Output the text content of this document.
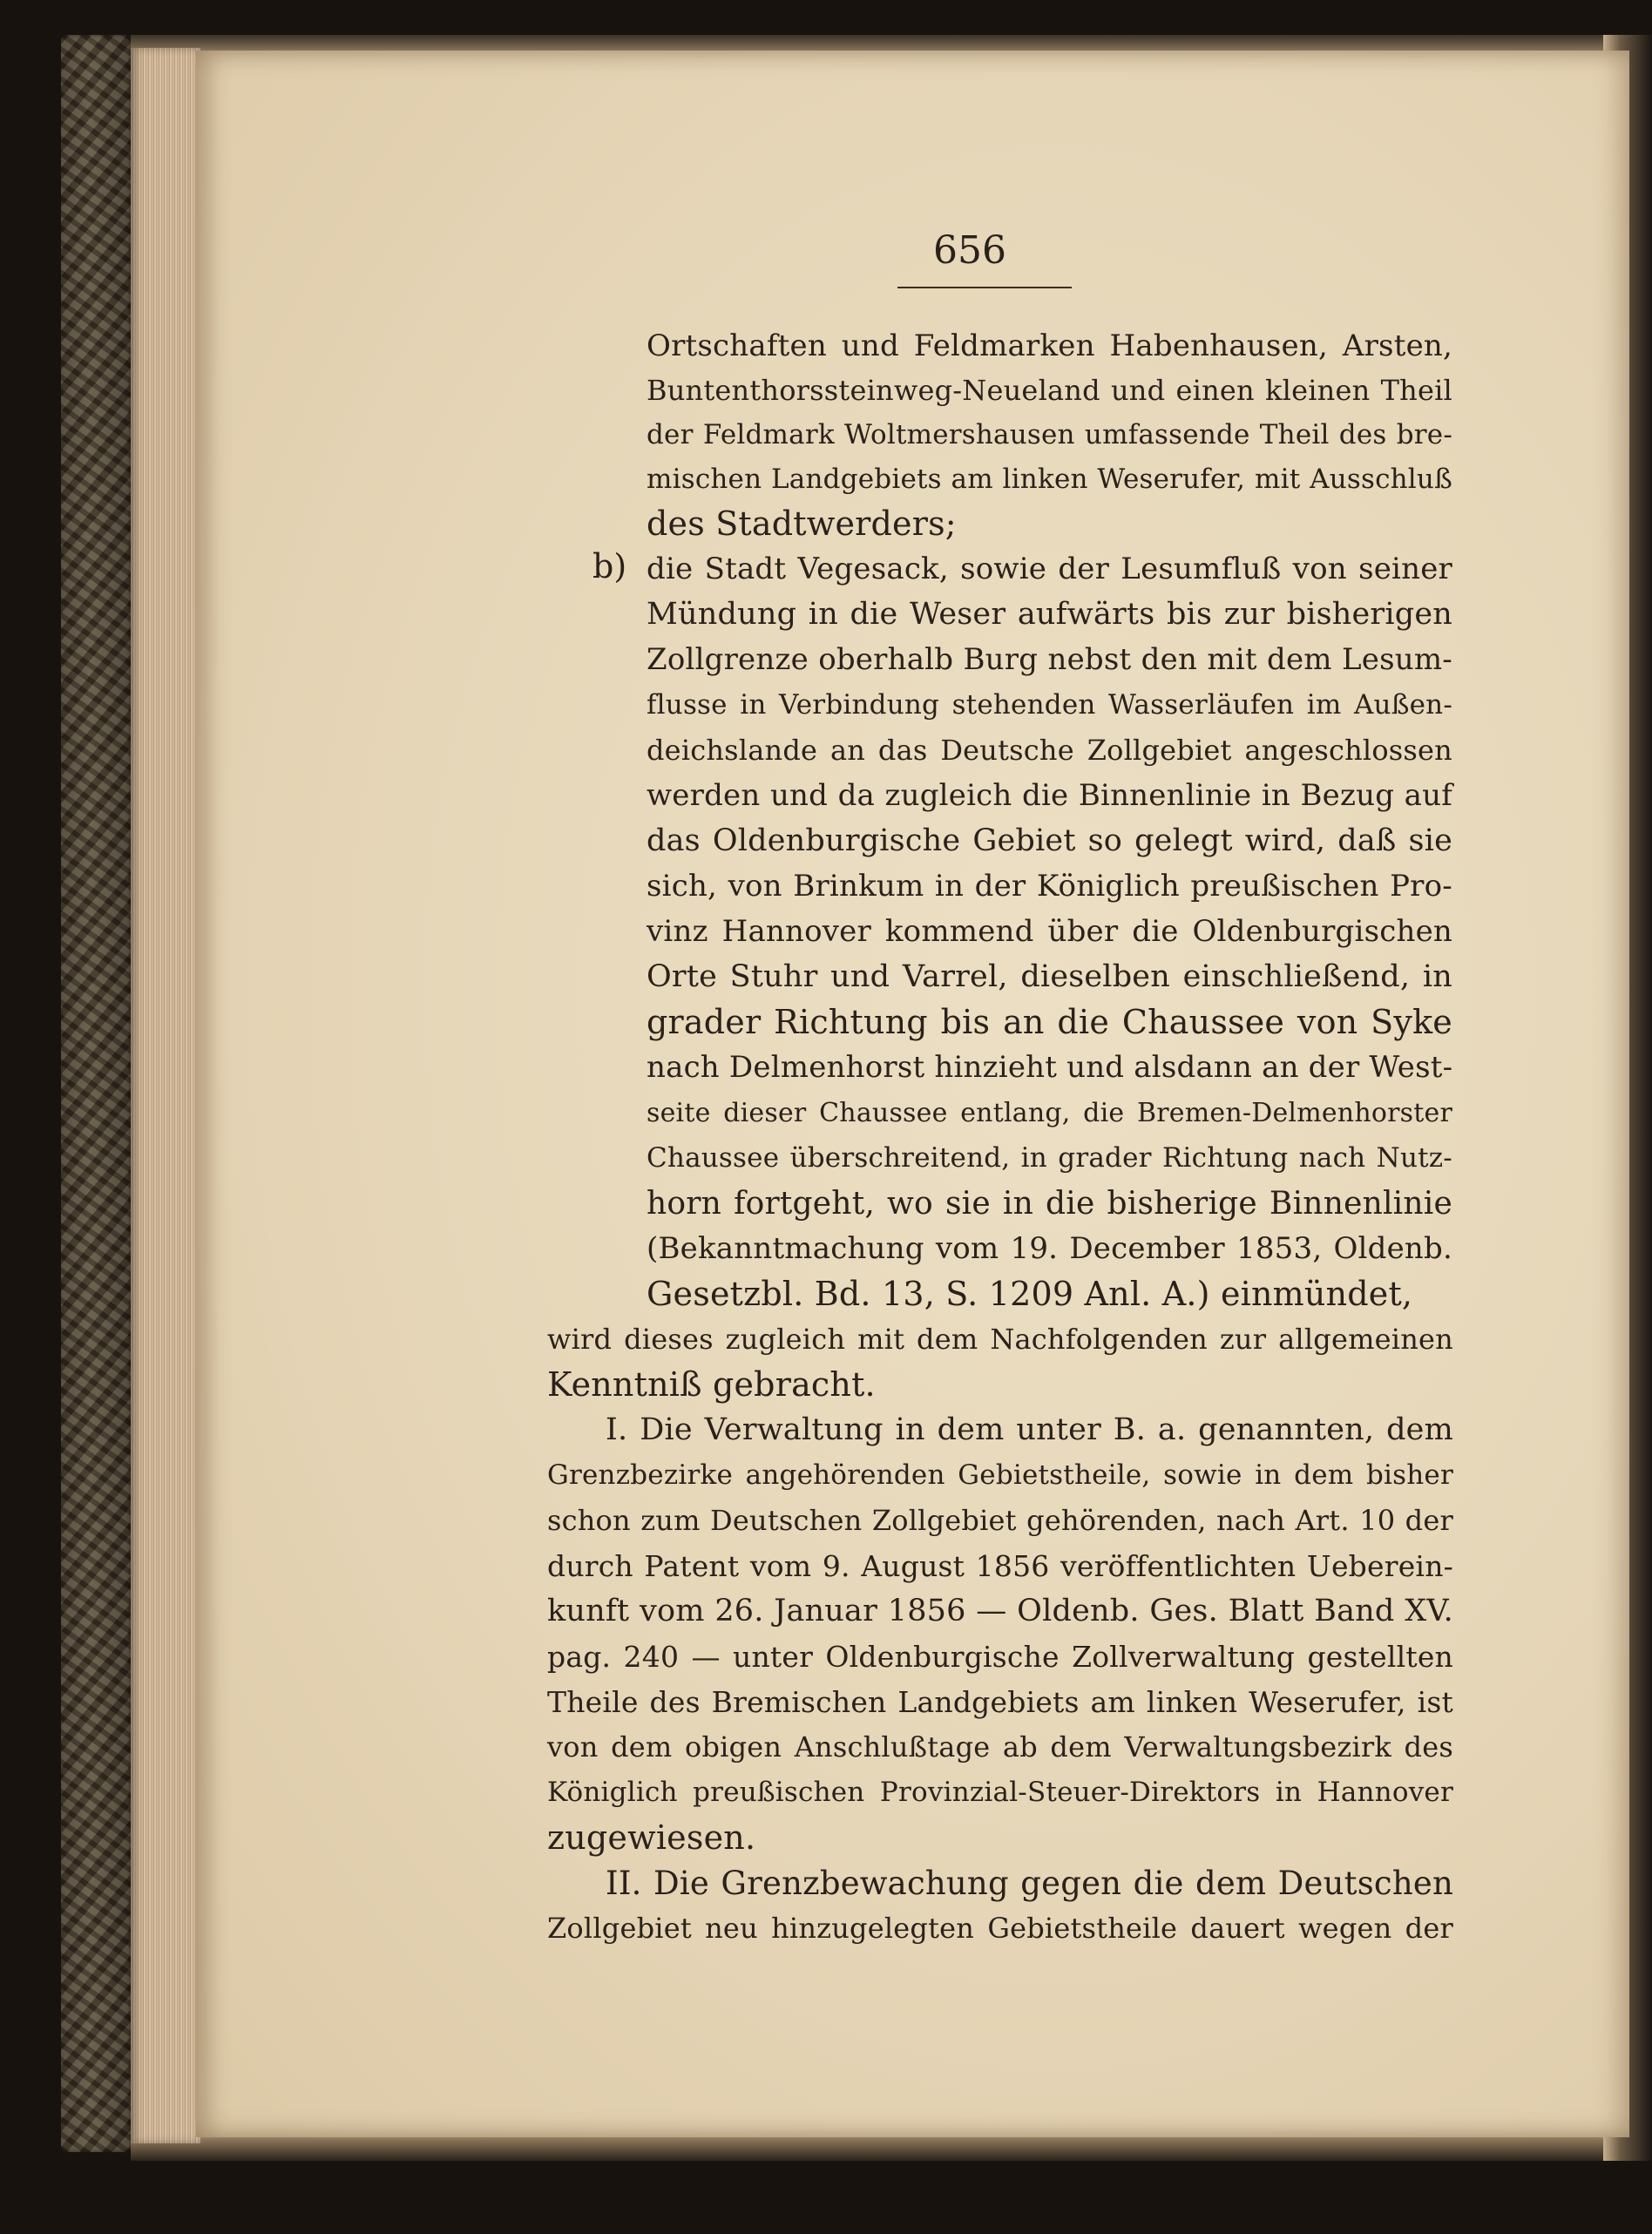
656
b)
Ortschaften und Feldmarken Habenhausen, Arsten,
Buntenthorssteinweg-Neueland und einen kleinen Theil
der Feldmark Woltmershausen umfassende Theil des bre-
mischen Landgebiets am linken Weserufer, mit Ausschluß
des Stadtwerders;
die Stadt Vegesack, sowie der Lesumfluß von seiner
Mündung in die Weser aufwärts bis zur bisherigen
Zollgrenze oberhalb Burg nebst den mit dem Lesum-
flusse in Verbindung stehenden Wasserläufen im Außen-
deichslande an das Deutsche Zollgebiet angeschlossen
werden und da zugleich die Binnenlinie in Bezug auf
das Oldenburgische Gebiet so gelegt wird, daß sie
sich, von Brinkum in der Königlich preußischen Pro-
vinz Hannover kommend über die Oldenburgischen
Orte Stuhr und Varrel, dieselben einschließend, in
grader Richtung bis an die Chaussee von Syke
nach Delmenhorst hinzieht und alsdann an der West-
seite dieser Chaussee entlang, die Bremen-Delmenhorster
Chaussee überschreitend, in grader Richtung nach Nutz-
horn fortgeht, wo sie in die bisherige Binnenlinie
(Bekanntmachung vom 19. December 1853, Oldenb.
Gesetzbl. Bd. 13, S. 1209 Anl. A.) einmündet,
wird dieses zugleich mit dem Nachfolgenden zur allgemeinen
Kenntniß gebracht.
I. Die Verwaltung in dem unter B. a. genannten, dem
Grenzbezirke angehörenden Gebietstheile, sowie in dem bisher
schon zum Deutschen Zollgebiet gehörenden, nach Art. 10 der
durch Patent vom 9. August 1856 veröffentlichten Ueberein-
kunft vom 26. Januar 1856 — Oldenb. Ges. Blatt Band XV.
pag. 240 — unter Oldenburgische Zollverwaltung gestellten
Theile des Bremischen Landgebiets am linken Weserufer, ist
von dem obigen Anschlußtage ab dem Verwaltungsbezirk des
Königlich preußischen Provinzial-Steuer-Direktors in Hannover
zugewiesen.
II. Die Grenzbewachung gegen die dem Deutschen
Zollgebiet neu hinzugelegten Gebietstheile dauert wegen der
